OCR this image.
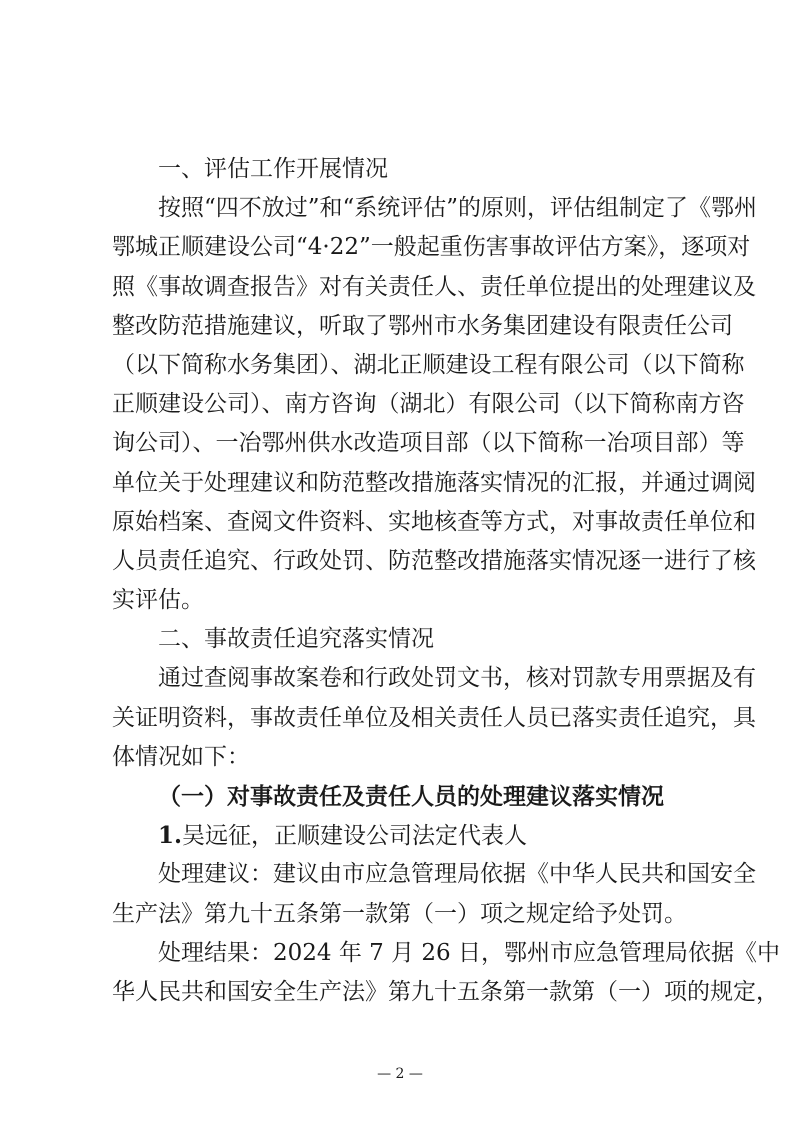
一、评估工作开展情况
按照“四不放过”和“系统评估”的原则，评估组制定了《鄂州
鄂城正顺建设公司“4·22”一般起重伤害事故评估方案》，逐项对
照《事故调查报告》对有关责任人、责任单位提出的处理建议及
整改防范措施建议，听取了鄂州市水务集团建设有限责任公司
（以下简称水务集团）、湖北正顺建设工程有限公司（以下简称
正顺建设公司）、南方咨询（湖北）有限公司（以下简称南方咨
询公司）、一冶鄂州供水改造项目部（以下简称一冶项目部）等
单位关于处理建议和防范整改措施落实情况的汇报，并通过调阅
原始档案、查阅文件资料、实地核查等方式，对事故责任单位和
人员责任追究、行政处罚、防范整改措施落实情况逐一进行了核
实评估。
二、事故责任追究落实情况
通过查阅事故案卷和行政处罚文书，核对罚款专用票据及有
关证明资料，事故责任单位及相关责任人员已落实责任追究，具
体情况如下：
（一）对事故责任及责任人员的处理建议落实情况
1.吴远征，正顺建设公司法定代表人
处理建议：建议由市应急管理局依据《中华人民共和国安全
生产法》第九十五条第一款第（一）项之规定给予处罚。
处理结果：2024 年 7 月 26 日，鄂州市应急管理局依据《中
华人民共和国安全生产法》第九十五条第一款第（一）项的规定，
— 2 —
